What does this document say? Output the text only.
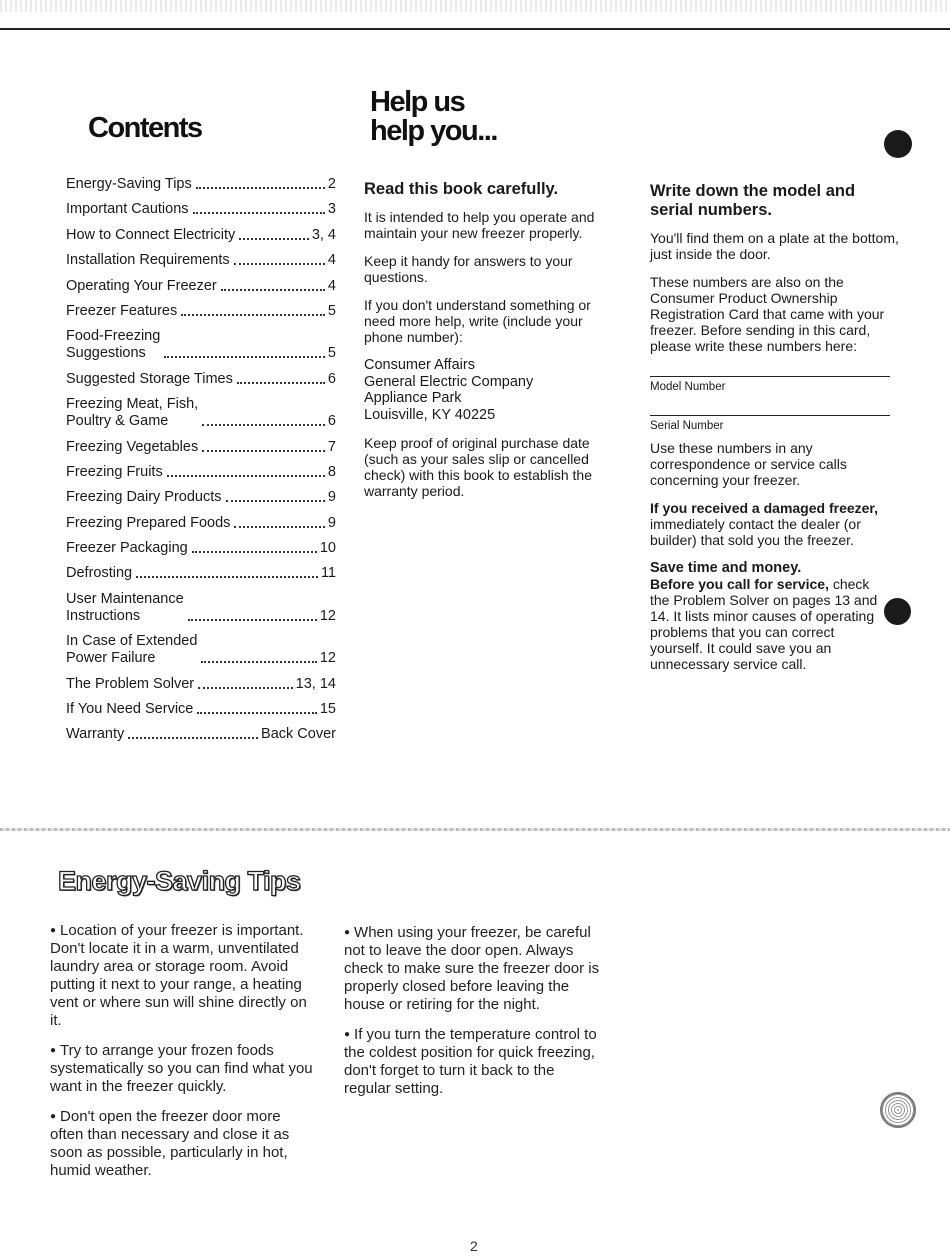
Contents
Help us
help you...
Energy-Saving Tips	2
Important Cautions	3
How to Connect Electricity	3, 4
Installation Requirements	4
Operating Your Freezer	4
Freezer Features	5
Food-Freezing
Suggestions	5
Suggested Storage Times	6
Freezing Meat, Fish,
Poultry & Game	6
Freezing Vegetables	7
Freezing Fruits	8
Freezing Dairy Products	9
Freezing Prepared Foods	9
Freezer Packaging	10
Defrosting	11
User Maintenance
Instructions	12
In Case of Extended
Power Failure	12
The Problem Solver	13, 14
If You Need Service	15
Warranty	Back Cover
Read this book carefully.

It is intended to help you operate and maintain your new freezer properly.

Keep it handy for answers to your questions.

If you don't understand something or need more help, write (include your phone number):

Consumer Affairs
General Electric Company
Appliance Park
Louisville, KY 40225

Keep proof of original purchase date (such as your sales slip or cancelled check) with this book to establish the warranty period.

Write down the model and serial numbers.

You'll find them on a plate at the bottom, just inside the door.

These numbers are also on the Consumer Product Ownership Registration Card that came with your freezer. Before sending in this card, please write these numbers here:

Model Number
Serial Number

Use these numbers in any correspondence or service calls concerning your freezer.

If you received a damaged freezer, immediately contact the dealer (or builder) that sold you the freezer.

Save time and money.

Before you call for service, check the Problem Solver on pages 13 and 14. It lists minor causes of operating problems that you can correct yourself. It could save you an unnecessary service call.

Energy-Saving Tips

● Location of your freezer is important. Don't locate it in a warm, unventilated laundry area or storage room. Avoid putting it next to your range, a heating vent or where sun will shine directly on it.

● Try to arrange your frozen foods systematically so you can find what you want in the freezer quickly.

● Don't open the freezer door more often than necessary and close it as soon as possible, particularly in hot, humid weather.

● When using your freezer, be careful not to leave the door open. Always check to make sure the freezer door is properly closed before leaving the house or retiring for the night.

● If you turn the temperature control to the coldest position for quick freezing, don't forget to turn it back to the regular setting.

2
